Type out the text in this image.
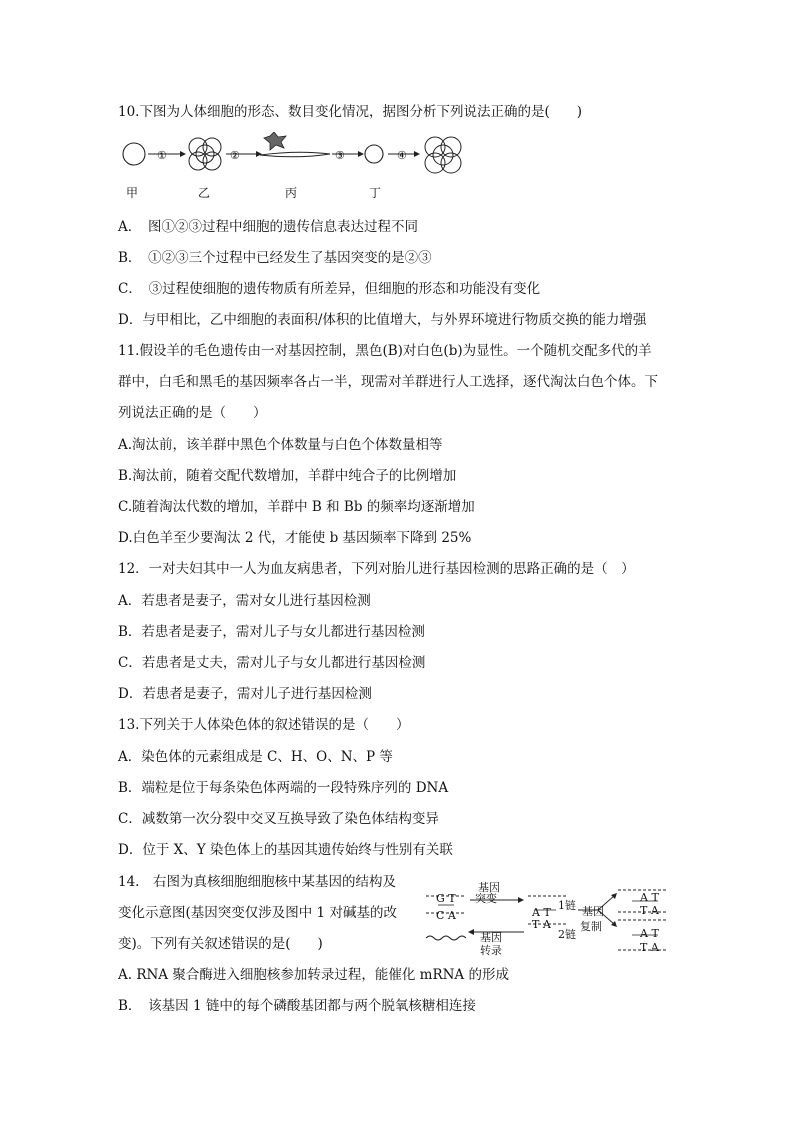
10.下图为人体细胞的形态、数目变化情况，据图分析下列说法正确的是(　　)
①	②	③	④
甲	乙	丙	丁
A．　图①②③过程中细胞的遗传信息表达过程不同
B．　①②③三个过程中已经发生了基因突变的是②③
C．　③过程使细胞的遗传物质有所差异，但细胞的形态和功能没有变化
D．与甲相比，乙中细胞的表面积/体积的比值增大，与外界环境进行物质交换的能力增强
11.假设羊的毛色遗传由一对基因控制，黑色(B)对白色(b)为显性。一个随机交配多代的羊
群中，白毛和黑毛的基因频率各占一半，现需对羊群进行人工选择，逐代淘汰白色个体。下
列说法正确的是（　　）
A.淘汰前，该羊群中黑色个体数量与白色个体数量相等
B.淘汰前，随着交配代数增加，羊群中纯合子的比例增加
C.随着淘汰代数的增加，羊群中 B 和 Bb 的频率均逐渐增加
D.白色羊至少要淘汰 2 代，才能使 b 基因频率下降到 25%
12．一对夫妇其中一人为血友病患者，下列对胎儿进行基因检测的思路正确的是（　）
A．若患者是妻子，需对女儿进行基因检测
B．若患者是妻子，需对儿子与女儿都进行基因检测
C．若患者是丈夫，需对儿子与女儿都进行基因检测
D．若患者是妻子，需对儿子进行基因检测
13.下列关于人体染色体的叙述错误的是（　　）
A．染色体的元素组成是 C、H、O、N、P 等
B．端粒是位于每条染色体两端的一段特殊序列的 DNA
C．减数第一次分裂中交叉互换导致了染色体结构变异
D．位于 X、Y 染色体上的基因其遗传始终与性别有关联
14.　右图为真核细胞细胞核中某基因的结构及
变化示意图(基因突变仅涉及图中 1 对碱基的改
变)。下列有关叙述错误的是(　　)
G T
C A
基因
突变
基因
转录
A T
T A
1链
2链
基因
复制
A T
T A
A T
T A
A. RNA 聚合酶进入细胞核参加转录过程，能催化 mRNA 的形成
B．　该基因 1 链中的每个磷酸基团都与两个脱氧核糖相连接
